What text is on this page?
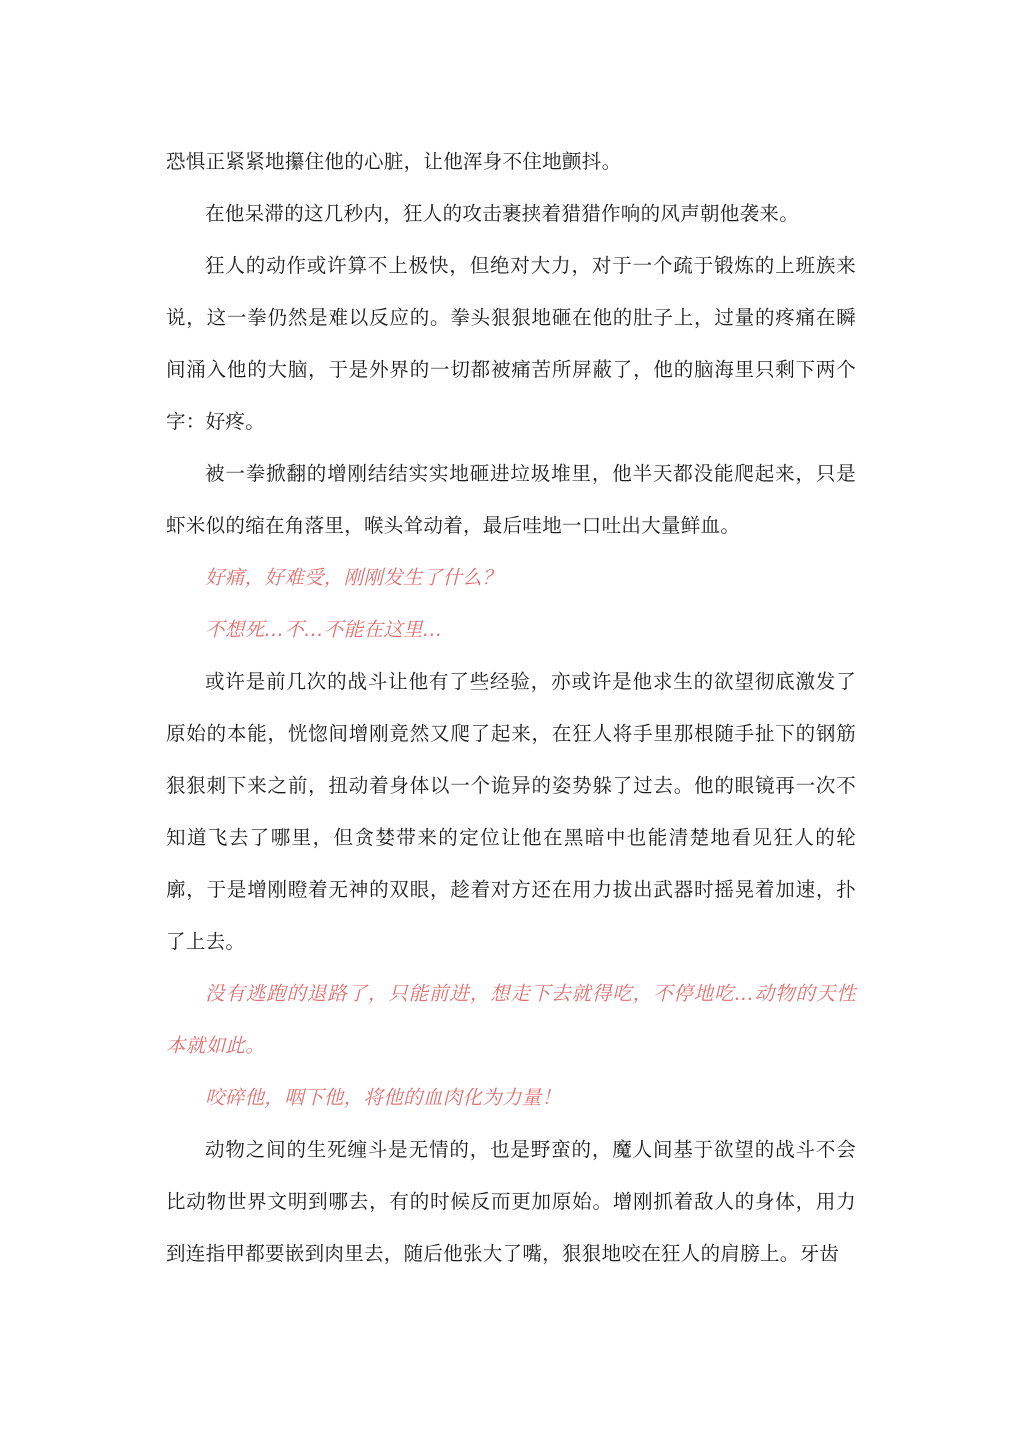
恐惧正紧紧地攥住他的心脏，让他浑身不住地颤抖。

在他呆滞的这几秒内，狂人的攻击裹挟着猎猎作响的风声朝他袭来。

狂人的动作或许算不上极快，但绝对大力，对于一个疏于锻炼的上班族来说，这一拳仍然是难以反应的。拳头狠狠地砸在他的肚子上，过量的疼痛在瞬间涌入他的大脑，于是外界的一切都被痛苦所屏蔽了，他的脑海里只剩下两个字：好疼。

被一拳掀翻的增刚结结实实地砸进垃圾堆里，他半天都没能爬起来，只是虾米似的缩在角落里，喉头耸动着，最后哇地一口吐出大量鲜血。

好痛，好难受，刚刚发生了什么？

不想死…不…不能在这里…

或许是前几次的战斗让他有了些经验，亦或许是他求生的欲望彻底激发了原始的本能，恍惚间增刚竟然又爬了起来，在狂人将手里那根随手扯下的钢筋狠狠刺下来之前，扭动着身体以一个诡异的姿势躲了过去。他的眼镜再一次不知道飞去了哪里，但贪婪带来的定位让他在黑暗中也能清楚地看见狂人的轮廓，于是增刚瞪着无神的双眼，趁着对方还在用力拔出武器时摇晃着加速，扑了上去。

没有逃跑的退路了，只能前进，想走下去就得吃，不停地吃…动物的天性本就如此。

咬碎他，咽下他，将他的血肉化为力量！

动物之间的生死缠斗是无情的，也是野蛮的，魔人间基于欲望的战斗不会比动物世界文明到哪去，有的时候反而更加原始。增刚抓着敌人的身体，用力到连指甲都要嵌到肉里去，随后他张大了嘴，狠狠地咬在狂人的肩膀上。牙齿
